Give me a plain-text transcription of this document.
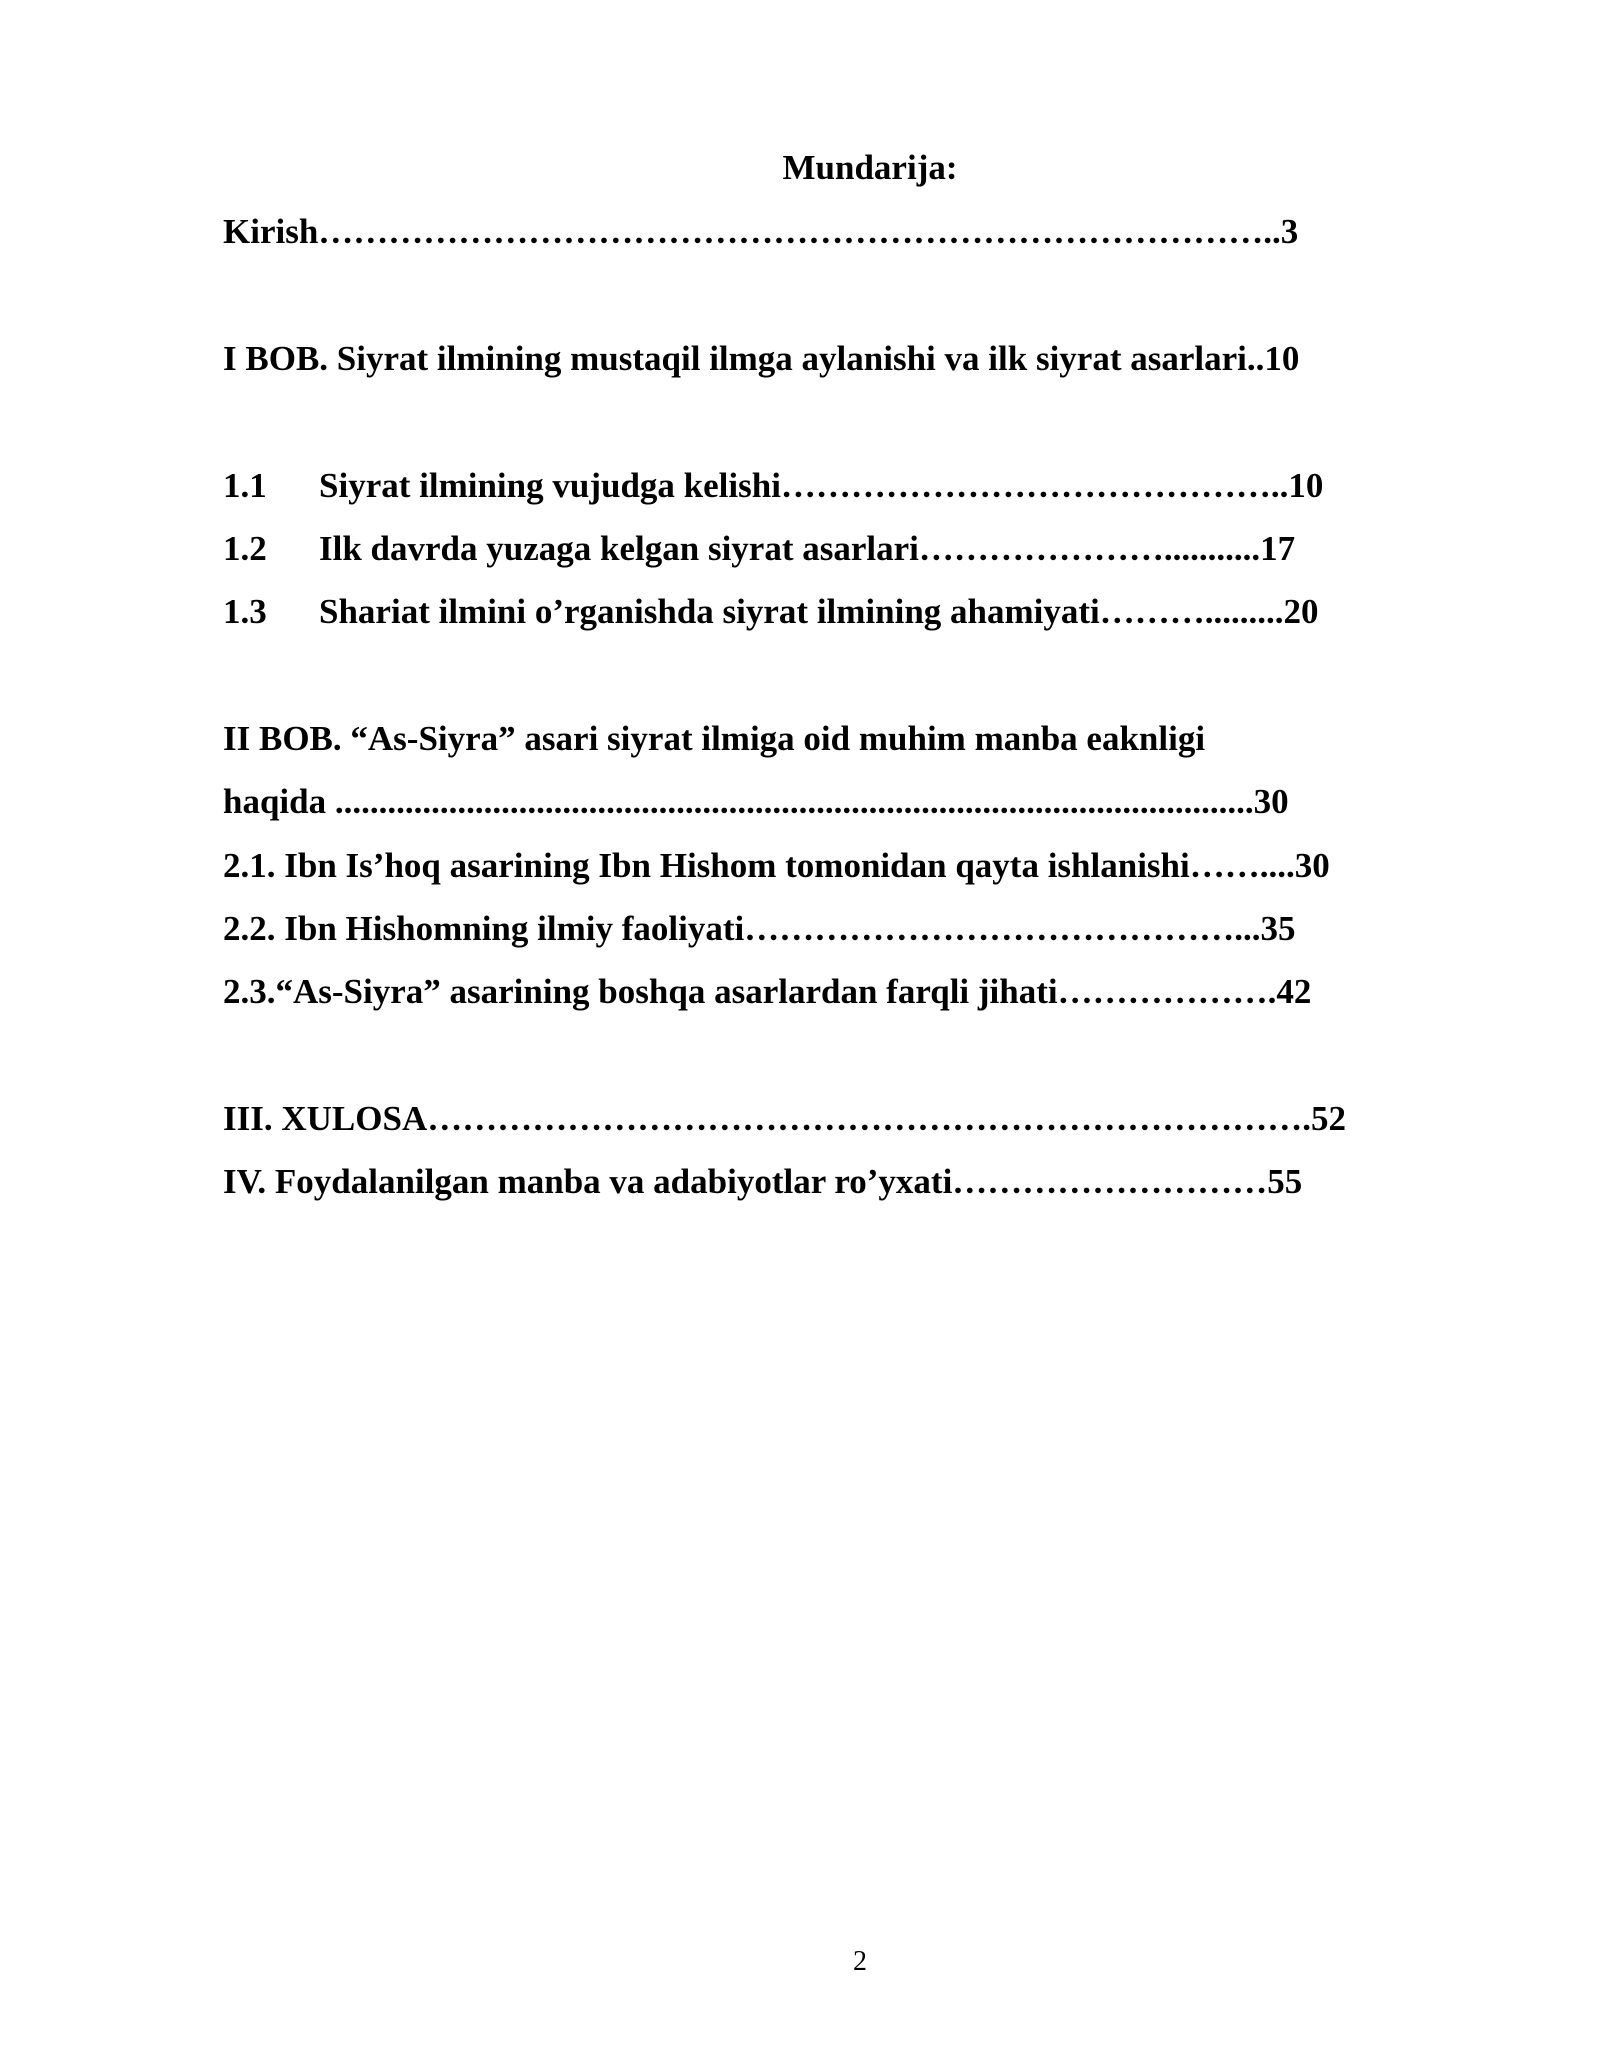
Mundarija:
Kirish………………………………………………………………………..3
I BOB. Siyrat ilmining mustaqil ilmga aylanishi va ilk siyrat asarlari..10
1.1 Siyrat ilmining vujudga kelishi……………………………………..10
1.2 Ilk davrda yuzaga kelgan siyrat asarlari…………………...........17
1.3 Shariat ilmini o’rganishda siyrat ilmining ahamiyati……….........20
II BOB. “As-Siyra” asari siyrat ilmiga oid muhim manba eaknligi
haqida .........................................................................................................30
2.1. Ibn Is’hoq asarining Ibn Hishom tomonidan qayta ishlanishi……....30
2.2. Ibn Hishomning ilmiy faoliyati……………………………………...35
2.3.“As-Siyra” asarining boshqa asarlardan farqli jihati……………….42
III. XULOSA………………………………………………………………….52
IV. Foydalanilgan manba va adabiyotlar ro’yxati………………………55
2
